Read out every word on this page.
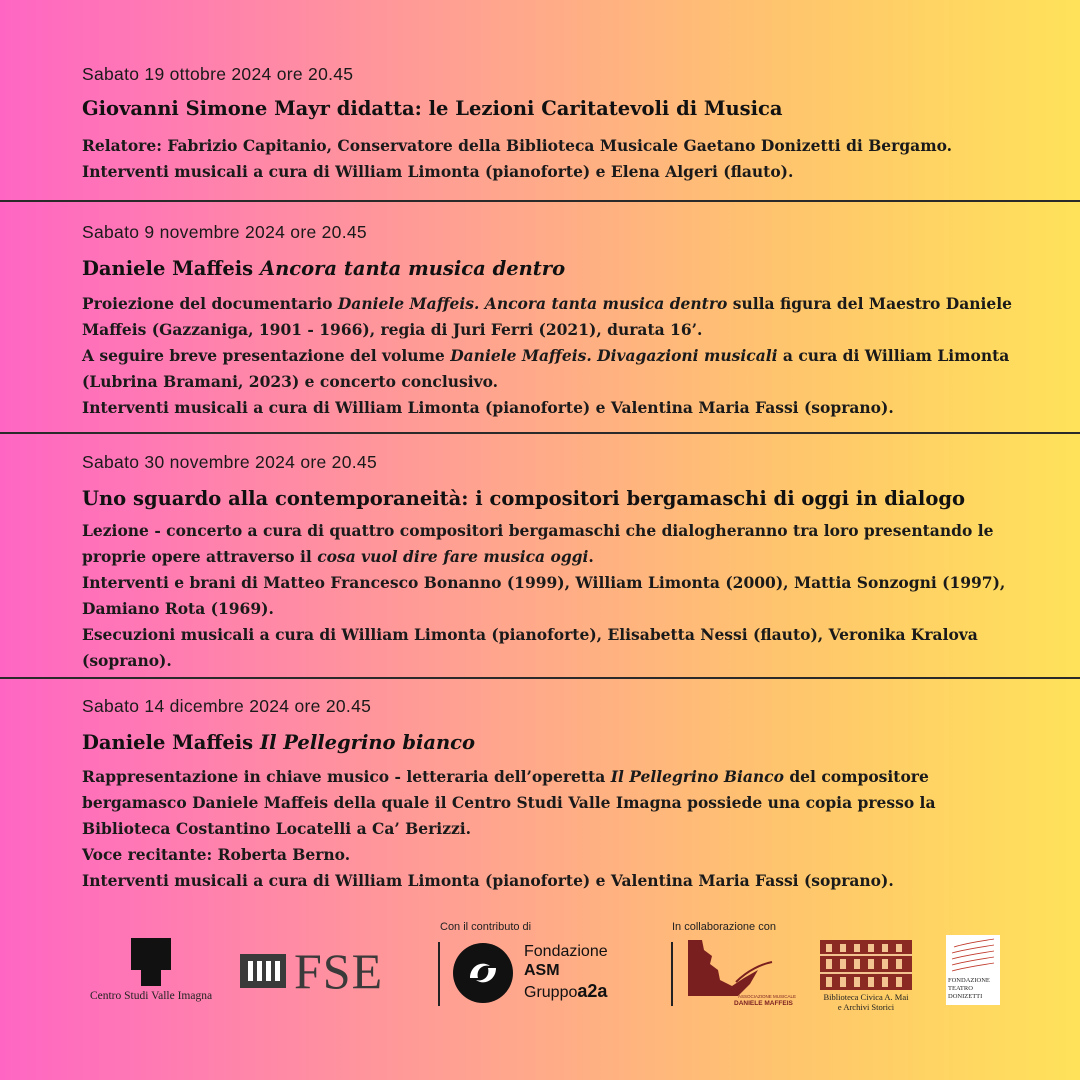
Sabato 19 ottobre 2024 ore 20.45
Giovanni Simone Mayr didatta: le Lezioni Caritatevoli di Musica

Relatore: Fabrizio Capitanio, Conservatore della Biblioteca Musicale Gaetano Donizetti di Bergamo.

Interventi musicali a cura di William Limonta (pianoforte) e Elena Algeri (flauto).

Sabato 9 novembre 2024 ore 20.45
Daniele Maffeis Ancora tanta musica dentro

Proiezione del documentario Daniele Maffeis. Ancora tanta musica dentro sulla figura del Maestro Daniele Maffeis (Gazzaniga, 1901 - 1966), regia di Juri Ferri (2021), durata 16’.

A seguire breve presentazione del volume Daniele Maffeis. Divagazioni musicali a cura di William Limonta (Lubrina Bramani, 2023) e concerto conclusivo.

Interventi musicali a cura di William Limonta (pianoforte) e Valentina Maria Fassi (soprano).

Sabato 30 novembre 2024 ore 20.45
Uno sguardo alla contemporaneità: i compositori bergamaschi di oggi in dialogo

Lezione - concerto a cura di quattro compositori bergamaschi che dialogheranno tra loro presentando le proprie opere attraverso il cosa vuol dire fare musica oggi.

Interventi e brani di Matteo Francesco Bonanno (1999), William Limonta (2000), Mattia Sonzogni (1997), Damiano Rota (1969).

Esecuzioni musicali a cura di William Limonta (pianoforte), Elisabetta Nessi (flauto), Veronika Kralova (soprano).

Sabato 14 dicembre 2024 ore 20.45
Daniele Maffeis Il Pellegrino bianco

Rappresentazione in chiave musico - letteraria dell’operetta Il Pellegrino Bianco del compositore bergamasco Daniele Maffeis della quale il Centro Studi Valle Imagna possiede una copia presso la Biblioteca Costantino Locatelli a Ca’ Berizzi.

Voce recitante: Roberta Berno.

Interventi musicali a cura di William Limonta (pianoforte) e Valentina Maria Fassi (soprano).

Centro Studi Valle Imagna FSE
Con il contributo di
Fondazione
ASM
Gruppoa2a
In collaborazione con
ASSOCIAZIONE MUSICALE
DANIELE MAFFEIS
Biblioteca Civica A. Mai
e Archivi Storici
FONDAZIONE
TEATRO
DONIZETTI
